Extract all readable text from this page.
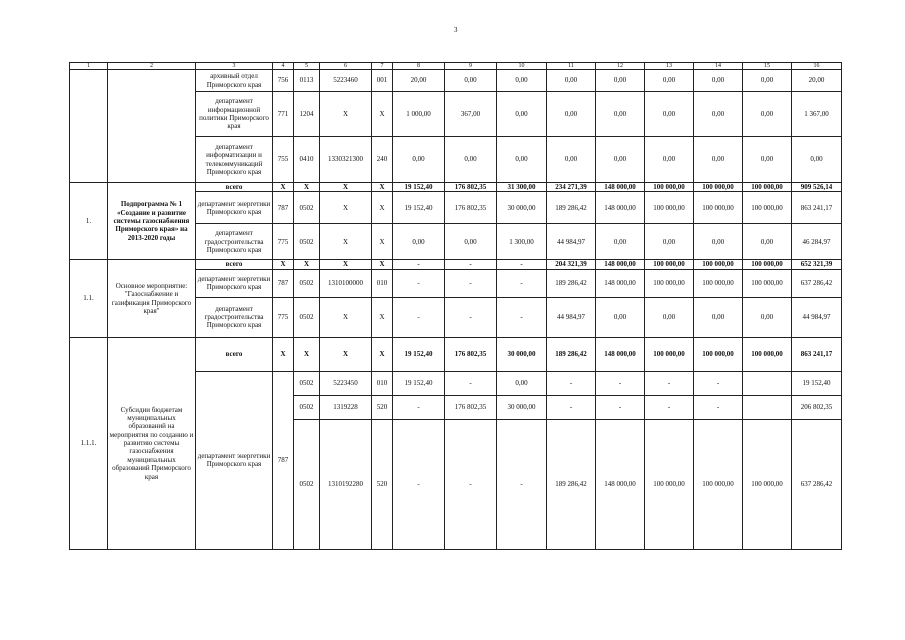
3
1	2	3	4	5	6	7	8	9	10	11	12	13	14	15	16
		архивный отдел Приморского края	756	0113	5223460	001	20,00	0,00	0,00	0,00	0,00	0,00	0,00	0,00	20,00
		департамент информационной политики Приморского края	771	1204	X	X	1 000,00	367,00	0,00	0,00	0,00	0,00	0,00	0,00	1 367,00
		департамент информатизации и телекоммуникаций Приморского края	755	0410	1330321300	240	0,00	0,00	0,00	0,00	0,00	0,00	0,00	0,00	0,00
1.	Подпрограмма № 1 «Создание и развитие системы газоснабжения Приморского края» на 2013-2020 годы	всего	X	X	X	X	19 152,40	176 802,35	31 300,00	234 271,39	148 000,00	100 000,00	100 000,00	100 000,00	909 526,14
		департамент энергетики Приморского края	787	0502	X	X	19 152,40	176 802,35	30 000,00	189 286,42	148 000,00	100 000,00	100 000,00	100 000,00	863 241,17
		департамент градостроительства Приморского края	775	0502	X	X	0,00	0,00	1 300,00	44 984,97	0,00	0,00	0,00	0,00	46 284,97
1.1.	Основное мероприятие: "Газоснабжение и газификация Приморского края"	всего	X	X	X	X	-	-	-	204 321,39	148 000,00	100 000,00	100 000,00	100 000,00	652 321,39
		департамент энергетики Приморского края	787	0502	1310100000	010	-	-	-	189 286,42	148 000,00	100 000,00	100 000,00	100 000,00	637 286,42
		департамент градостроительства Приморского края	775	0502	X	X	-	-	-	44 984,97	0,00	0,00	0,00	0,00	44 984,97
1.1.1.	Субсидии бюджетам муниципальных образований на мероприятия по созданию и развитию системы газоснабжения муниципальных образований Приморского края	всего	X	X	X	X	19 152,40	176 802,35	30 000,00	189 286,42	148 000,00	100 000,00	100 000,00	100 000,00	863 241,17
		департамент энергетики Приморского края	787	0502	5223450	010	19 152,40	-	0,00	-	-	-	-		19 152,40
				0502	1319228	520	-	176 802,35	30 000,00	-	-	-	-		206 802,35
				0502	1310192280	520	-	-	-	189 286,42	148 000,00	100 000,00	100 000,00	100 000,00	637 286,42
